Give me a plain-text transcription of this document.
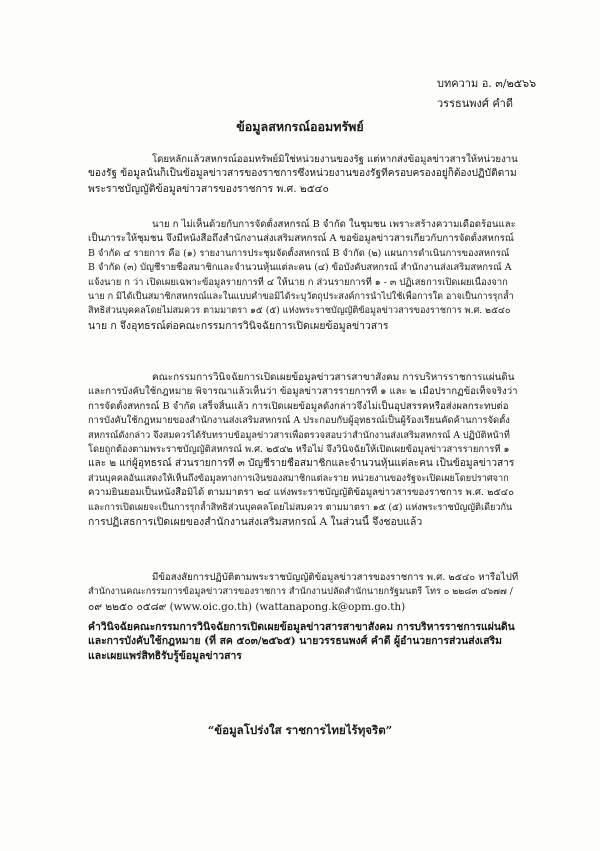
บทความ อ. ๓/๒๕๖๖
วรรธนพงศ์ คำดี
ข้อมูลสหกรณ์ออมทรัพย์
โดยหลักแล้วสหกรณ์ออมทรัพย์มิใช่หน่วยงานของรัฐ แต่หากส่งข้อมูลข่าวสารให้หน่วยงาน
ของรัฐ ข้อมูลนั้นก็เป็นข้อมูลข่าวสารของราชการซึ่งหน่วยงานของรัฐที่ครอบครองอยู่ก็ต้องปฏิบัติตาม
พระราชบัญญัติข้อมูลข่าวสารของราชการ พ.ศ. ๒๕๔๐
นาย ก ไม่เห็นด้วยกับการจัดตั้งสหกรณ์ B จำกัด ในชุมชน เพราะสร้างความเดือดร้อนและ
เป็นภาระให้ชุมชน จึงมีหนังสือถึงสำนักงานส่งเสริมสหกรณ์ A ขอข้อมูลข่าวสารเกี่ยวกับการจัดตั้งสหกรณ์
B จำกัด ๔ รายการ คือ (๑) รายงานการประชุมจัดตั้งสหกรณ์ B จำกัด (๒) แผนการดำเนินการของสหกรณ์
B จำกัด (๓) บัญชีรายชื่อสมาชิกและจำนวนหุ้นแต่ละคน (๔) ข้อบังคับสหกรณ์ สำนักงานส่งเสริมสหกรณ์ A
แจ้งนาย ก ว่า เปิดเผยเฉพาะข้อมูลรายการที่ ๔ ให้นาย ก ส่วนรายการที่ ๑ - ๓ ปฏิเสธการเปิดเผยเนื่องจาก
นาย ก มิได้เป็นสมาชิกสหกรณ์และในแบบคำขอมิได้ระบุวัตถุประสงค์การนำไปใช้เพื่อการใด อาจเป็นการรุกล้ำ
สิทธิส่วนบุคคลโดยไม่สมควร ตามมาตรา ๑๕ (๕) แห่งพระราชบัญญัติข้อมูลข่าวสารของราชการ พ.ศ. ๒๕๔๐
นาย ก จึงอุทธรณ์ต่อคณะกรรมการวินิจฉัยการเปิดเผยข้อมูลข่าวสาร
คณะกรรมการวินิจฉัยการเปิดเผยข้อมูลข่าวสารสาขาสังคม การบริหารราชการแผ่นดิน
และการบังคับใช้กฎหมาย พิจารณาแล้วเห็นว่า ข้อมูลข่าวสารรายการที่ ๑ และ ๒ เมื่อปรากฏข้อเท็จจริงว่า
การจัดตั้งสหกรณ์ B จำกัด เสร็จสิ้นแล้ว การเปิดเผยข้อมูลดังกล่าวจึงไม่เป็นอุปสรรคหรือส่งผลกระทบต่อ
การบังคับใช้กฎหมายของสำนักงานส่งเสริมสหกรณ์ A ประกอบกับผู้อุทธรณ์เป็นผู้ร้องเรียนคัดค้านการจัดตั้ง
สหกรณ์ดังกล่าว จึงสมควรได้รับทราบข้อมูลข่าวสารเพื่อตรวจสอบว่าสำนักงานส่งเสริมสหกรณ์ A ปฏิบัติหน้าที่
โดยถูกต้องตามพระราชบัญญัติสหกรณ์ พ.ศ. ๒๕๔๒ หรือไม่ จึงวินิจฉัยให้เปิดเผยข้อมูลข่าวสารรายการที่ ๑
และ ๒ แก่ผู้อุทธรณ์ ส่วนรายการที่ ๓ บัญชีรายชื่อสมาชิกและจำนวนหุ้นแต่ละคน เป็นข้อมูลข่าวสาร
ส่วนบุคคลอันแสดงให้เห็นถึงข้อมูลทางการเงินของสมาชิกแต่ละราย หน่วยงานของรัฐจะเปิดเผยโดยปราศจาก
ความยินยอมเป็นหนังสือมิได้ ตามมาตรา ๒๔ แห่งพระราชบัญญัติข้อมูลข่าวสารของราชการ พ.ศ. ๒๕๔๐
และการเปิดเผยจะเป็นการรุกล้ำสิทธิส่วนบุคคลโดยไม่สมควร ตามมาตรา ๑๕ (๕) แห่งพระราชบัญญัติเดียวกัน
การปฏิเสธการเปิดเผยของสำนักงานส่งเสริมสหกรณ์ A ในส่วนนี้ จึงชอบแล้ว
มีข้อสงสัยการปฏิบัติตามพระราชบัญญัติข้อมูลข่าวสารของราชการ พ.ศ. ๒๕๔๐ หารือไปที่
สำนักงานคณะกรรมการข้อมูลข่าวสารของราชการ สำนักงานปลัดสำนักนายกรัฐมนตรี โทร ๐ ๒๒๘๓ ๔๖๗๗ /
๐๙ ๒๒๕๐ ๐๕๘๙ (www.oic.go.th) (wattanapong.k@opm.go.th)
คำวินิจฉัยคณะกรรมการวินิจฉัยการเปิดเผยข้อมูลข่าวสารสาขาสังคม การบริหารราชการแผ่นดิน
และการบังคับใช้กฎหมาย (ที่ สค ๕๐๓/๒๕๖๕) นายวรรธนพงศ์ คำดี ผู้อำนวยการส่วนส่งเสริม
และเผยแพร่สิทธิรับรู้ข้อมูลข่าวสาร
“ข้อมูลโปร่งใส ราชการไทยไร้ทุจริต”
